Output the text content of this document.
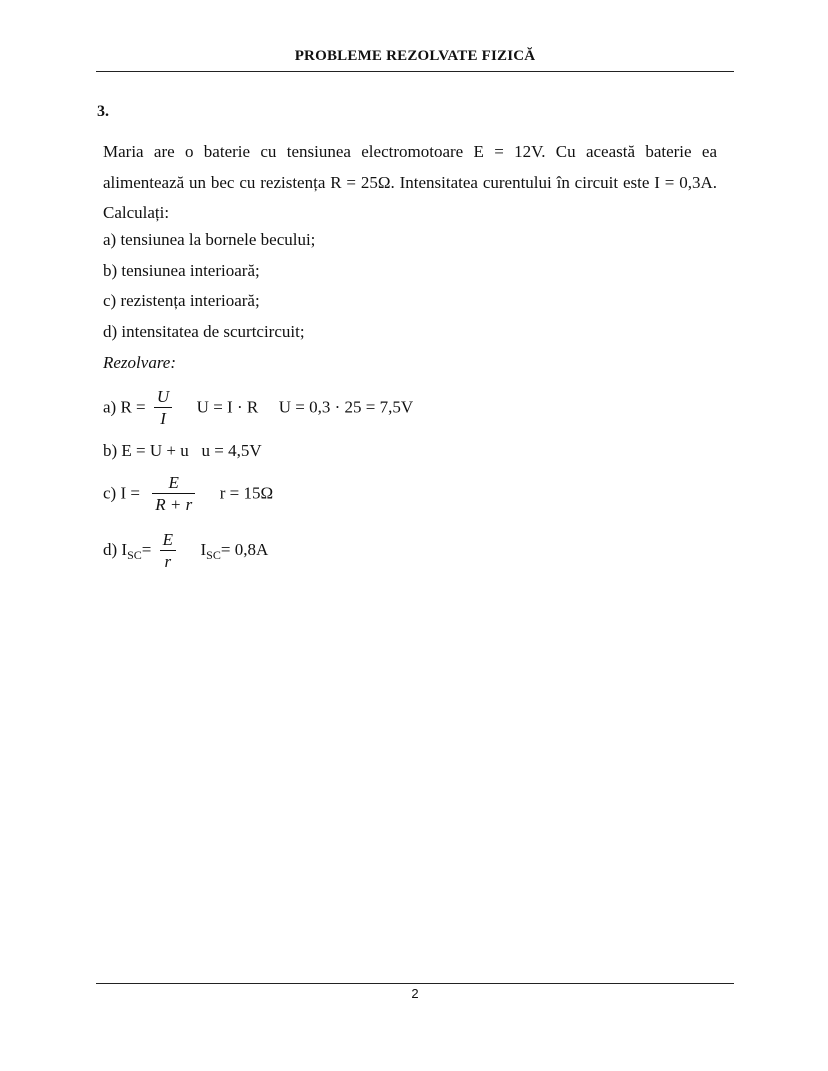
PROBLEME REZOLVATE FIZICĂ
3.
Maria are o baterie cu tensiunea electromotoare E = 12V. Cu această baterie ea alimentează un bec cu rezistența R = 25Ω. Intensitatea curentului în circuit este I = 0,3A. Calculați:
a) tensiunea la bornele becului;
b) tensiunea interioară;
c) rezistența interioară;
d) intensitatea de scurtcircuit;
Rezolvare:
a) $R = \frac{U}{I}$ U = I · R U = 0,3 · 25 = 7,5V
b) E = U + u   u = 4,5V
c) $I = \frac{E}{R + r}$ r = 15Ω
d) $I_{SC}= \frac{E}{r} I_{SC}= 0,8A$
2
